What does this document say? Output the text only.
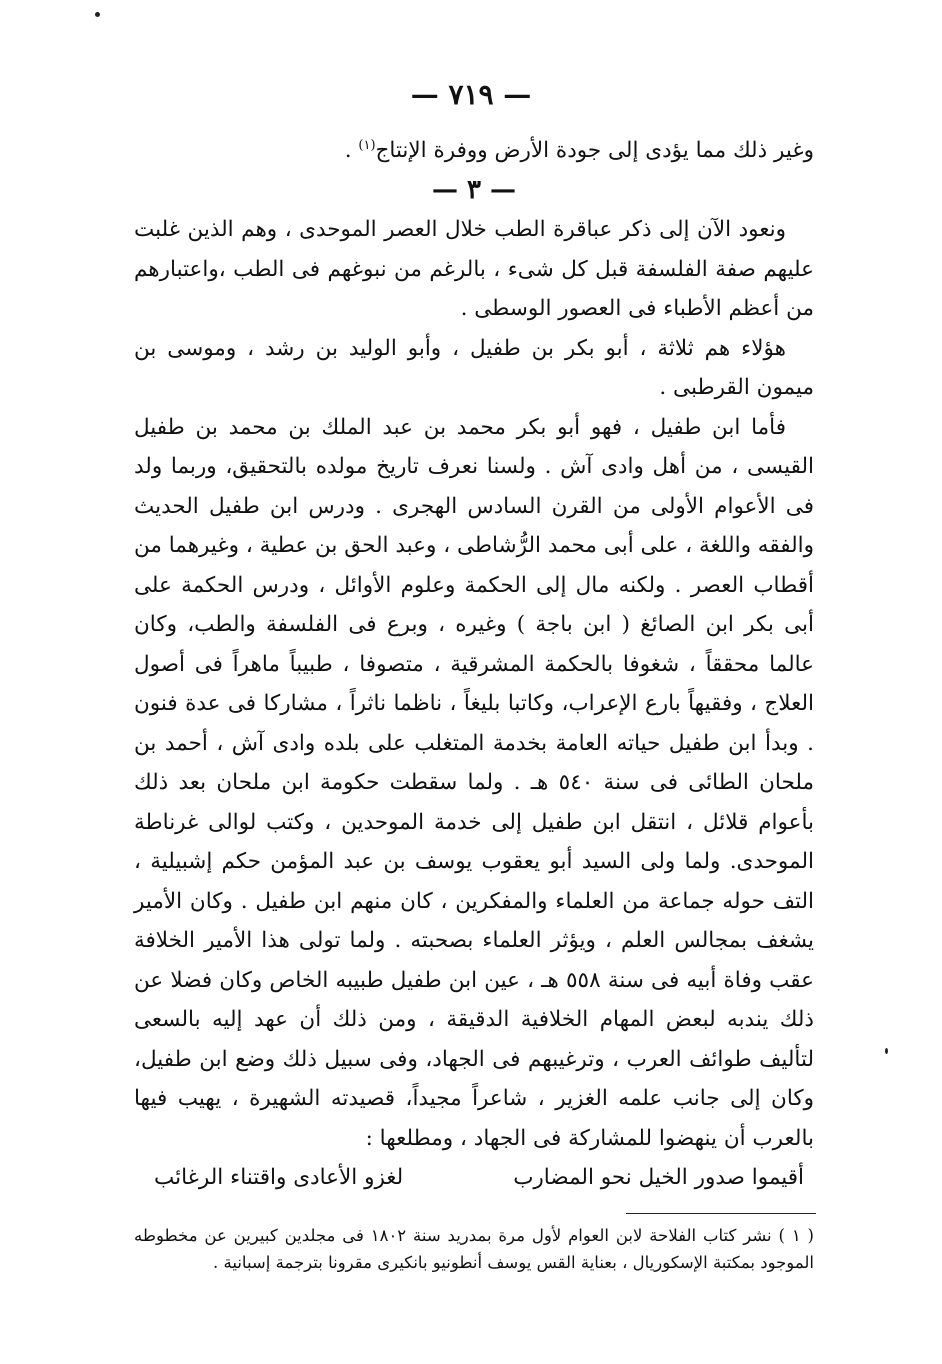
— ٧١٩ —

وغير ذلك مما يؤدى إلى جودة الأرض ووفرة الإنتاج$^{(١)}$ .

— ٣ —

ونعود الآن إلى ذكر عباقرة الطب خلال العصر الموحدى ، وهم الذين غلبت عليهم صفة الفلسفة قبل كل شىء ، بالرغم من نبوغهم فى الطب ،واعتبارهم من أعظم الأطباء فى العصور الوسطى .

هؤلاء هم ثلاثة ، أبو بكر بن طفيل ، وأبو الوليد بن رشد ، وموسى بن ميمون القرطبى .

فأما ابن طفيل ، فهو أبو بكر محمد بن عبد الملك بن محمد بن طفيل القيسى ، من أهل وادى آش . ولسنا نعرف تاريخ مولده بالتحقيق، وربما ولد فى الأعوام الأولى من القرن السادس الهجرى . ودرس ابن طفيل الحديث والفقه واللغة ، على أبى محمد الرُّشاطى ، وعبد الحق بن عطية ، وغيرهما من أقطاب العصر . ولكنه مال إلى الحكمة وعلوم الأوائل ، ودرس الحكمة على أبى بكر ابن الصائغ ( ابن باجة ) وغيره ، وبرع فى الفلسفة والطب، وكان عالما محققاً ، شغوفا بالحكمة المشرقية ، متصوفا ، طبيباً ماهراً فى أصول العلاج ، وفقيهاً بارع الإعراب، وكاتبا بليغاً ، ناظما ناثراً ، مشاركا فى عدة فنون . وبدأ ابن طفيل حياته العامة بخدمة المتغلب على بلده وادى آش ، أحمد بن ملحان الطائى فى سنة ٥٤٠ هـ . ولما سقطت حكومة ابن ملحان بعد ذلك بأعوام قلائل ، انتقل ابن طفيل إلى خدمة الموحدين ، وكتب لوالى غرناطة الموحدى. ولما ولى السيد أبو يعقوب يوسف بن عبد المؤمن حكم إشبيلية ، التف حوله جماعة من العلماء والمفكرين ، كان منهم ابن طفيل . وكان الأمير يشغف بمجالس العلم ، ويؤثر العلماء بصحبته . ولما تولى هذا الأمير الخلافة عقب وفاة أبيه فى سنة ٥٥٨ هـ ، عين ابن طفيل طبيبه الخاص وكان فضلا عن ذلك يندبه لبعض المهام الخلافية الدقيقة ، ومن ذلك أن عهد إليه بالسعى لتأليف طوائف العرب ، وترغيبهم فى الجهاد، وفى سبيل ذلك وضع ابن طفيل، وكان إلى جانب علمه الغزير ، شاعراً مجيداً، قصيدته الشهيرة ، يهيب فيها بالعرب أن ينهضوا للمشاركة فى الجهاد ، ومطلعها :

أقيموا صدور الخيل نحو المضارب
لغزو الأعادى واقتناء الرغائب

( ١ ) نشر كتاب الفلاحة لابن العوام لأول مرة بمدريد سنة ١٨٠٢ فى مجلدين كبيرين عن مخطوطه الموجود بمكتبة الإسكوريال ، بعناية القس يوسف أنطونيو بانكيرى مقرونا بترجمة إسبانية .
